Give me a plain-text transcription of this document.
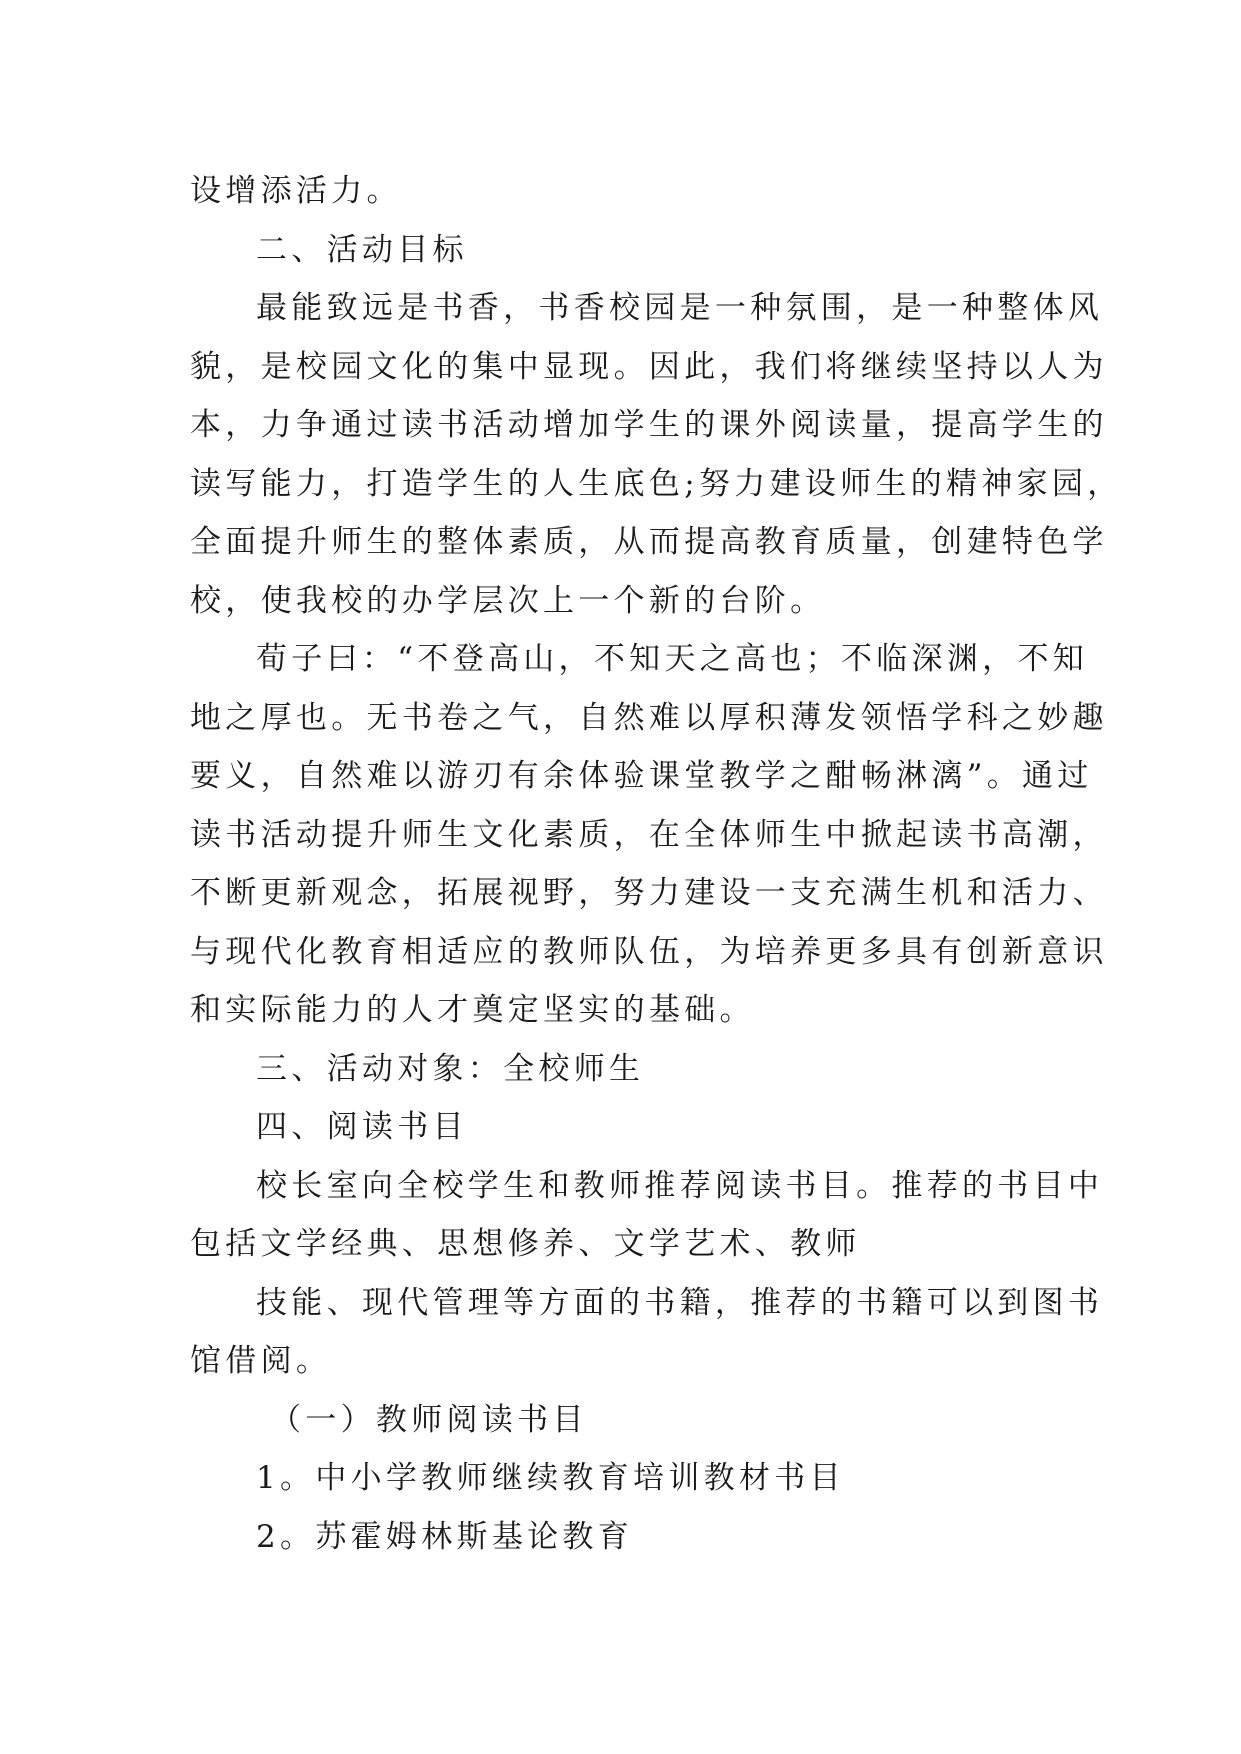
设增添活力。

二、活动目标

最能致远是书香，书香校园是一种氛围，是一种整体风

貌，是校园文化的集中显现。因此，我们将继续坚持以人为

本，力争通过读书活动增加学生的课外阅读量，提高学生的

读写能力，打造学生的人生底色;努力建设师生的精神家园，

全面提升师生的整体素质，从而提高教育质量，创建特色学

校，使我校的办学层次上一个新的台阶。

荀子曰：“不登高山，不知天之高也；不临深渊，不知

地之厚也。无书卷之气，自然难以厚积薄发领悟学科之妙趣

要义，自然难以游刃有余体验课堂教学之酣畅淋漓”。通过

读书活动提升师生文化素质，在全体师生中掀起读书高潮，

不断更新观念，拓展视野，努力建设一支充满生机和活力、

与现代化教育相适应的教师队伍，为培养更多具有创新意识

和实际能力的人才奠定坚实的基础。

三、活动对象：全校师生

四、阅读书目

校长室向全校学生和教师推荐阅读书目。推荐的书目中

包括文学经典、思想修养、文学艺术、教师

技能、现代管理等方面的书籍，推荐的书籍可以到图书

馆借阅。

（一）教师阅读书目

1。中小学教师继续教育培训教材书目

2。苏霍姆林斯基论教育
